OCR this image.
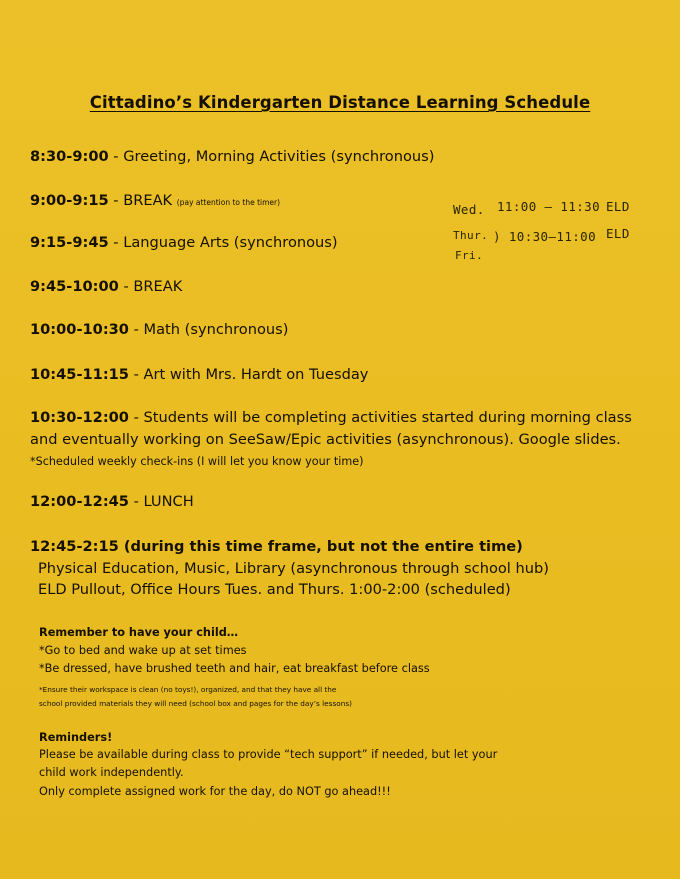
Cittadino’s Kindergarten Distance Learning Schedule
8:30-9:00 - Greeting, Morning Activities (synchronous)
9:00-9:15 - BREAK (pay attention to the timer)
9:15-9:45 - Language Arts (synchronous)
9:45-10:00 - BREAK
10:00-10:30 - Math (synchronous)
10:45-11:15 - Art with Mrs. Hardt on Tuesday
10:30-12:00 - Students will be completing activities started during morning class
and eventually working on SeeSaw/Epic activities (asynchronous). Google slides.
*Scheduled weekly check-ins (I will let you know your time)
12:00-12:45 - LUNCH
12:45-2:15 (during this time frame, but not the entire time)
Physical Education, Music, Library (asynchronous through school hub)
ELD Pullout, Office Hours Tues. and Thurs. 1:00-2:00 (scheduled)
Wed. 11:00 – 11:30 ELD
Thur. ) 10:30–11:00 ELD
Fri.
Remember to have your child…
*Go to bed and wake up at set times
*Be dressed, have brushed teeth and hair, eat breakfast before class
*Ensure their workspace is clean (no toys!), organized, and that they have all the
school provided materials they will need (school box and pages for the day’s lessons)
Reminders!
Please be available during class to provide “tech support” if needed, but let your
child work independently.
Only complete assigned work for the day, do NOT go ahead!!!
